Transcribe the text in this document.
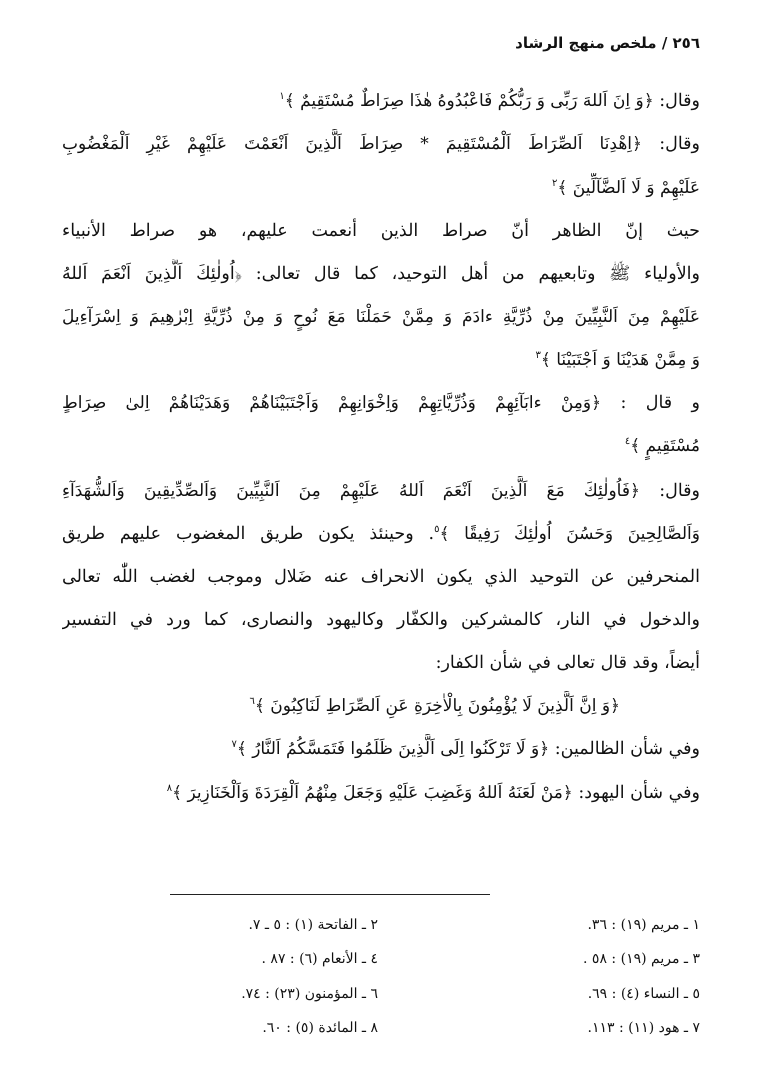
٢٥٦ / ملخص منهج الرشاد
وقال: ﴿وَ اِنَ اَللهَ رَبِّى وَ رَبُّكُمْ فَاعْبُدُوهُ هٰذَا صِرَاطٌ مُسْتَقِيمٌ ﴾$^١$
وقال: ﴿اِهْدِنَا اَلصِّرَاطَ اَلْمُسْتَقِيمَ * صِرَاطَ اَلَّذِينَ اَنْعَمْتَ عَلَيْهِمْ غَيْرِ اَلْمَغْضُوبِ
عَلَيْهِمْ وَ لَا اَلضَّآلِّينَ ﴾$^٢$
حيث إنّ الظاهر أنّ صراط الذين أنعمت عليهم، هو صراط الأنبياء
والأولياء ﷺ وتابعيهم من أهل التوحيد، كما قال تعالى: ﴿اُولٰئِكَ اَلَّذِينَ اَنْعَمَ اَللهُ
عَلَيْهِمْ مِنَ اَلنَّبِيِّينَ مِنْ ذُرِّيَّةِ ءادَمَ وَ مِمَّنْ حَمَلْنَا مَعَ نُوحٍ وَ مِنْ ذُرِّيَّةِ اِبْرٰهِيمَ وَ اِسْرَآءِيلَ
وَ مِمَّنْ هَدَيْنَا وَ اَجْتَبَيْنَا ﴾$^٣$
و قال : ﴿وَمِنْ ءابَآئِهِمْ وَذُرِّيَّاتِهِمْ وَاِخْوَانِهِمْ وَاَجْتَبَيْنَاهُمْ وَهَدَيْنَاهُمْ اِلىٰ صِرَاطٍ
مُسْتَقِيمٍ ﴾$^٤$
وقال: ﴿فَاُولٰئِكَ مَعَ اَلَّذِينَ اَنْعَمَ اَللهُ عَلَيْهِمْ مِنَ اَلنَّبِيِّينَ وَاَلصِّدِّيقِينَ وَاَلشُّهَدَآءِ
وَاَلصَّالِحِينَ وَحَسُنَ اُولٰئِكَ رَفِيقًا ﴾$^٥$. وحينئذ يكون طريق المغضوب عليهم طريق
المنحرفين عن التوحيد الذي يكون الانحراف عنه ضَلال وموجب لغضب اللّٰه تعالى
والدخول في النار، كالمشركين والكفّار وكاليهود والنصارى، كما ورد في التفسير
أيضاً، وقد قال تعالى في شأن الكفار:
﴿وَ اِنَّ اَلَّذِينَ لَا يُؤْمِنُونَ بِالْاٰخِرَةِ عَنِ اَلصِّرَاطِ لَنَاكِبُونَ ﴾$^٦$
وفي شأن الظالمين: ﴿وَ لَا تَرْكَنُوا اِلَى اَلَّذِينَ ظَلَمُوا فَتَمَسَّكُمُ اَلنَّارُ ﴾$^٧$
وفي شأن اليهود: ﴿مَنْ لَعَنَهُ اَللهُ وَغَضِبَ عَلَيْهِ وَجَعَلَ مِنْهُمُ اَلْقِرَدَةَ وَاَلْخَنَازِيرَ ﴾$^٨$
١ ـ مريم (١٩) : ٣٦.
٢ ـ الفاتحة (١) : ٥ ـ ٧.
٣ ـ مريم (١٩) : ٥٨ .
٤ ـ الأنعام (٦) : ٨٧ .
٥ ـ النساء (٤) : ٦٩.
٦ ـ المؤمنون (٢٣) : ٧٤.
٧ ـ هود (١١) : ١١٣.
٨ ـ المائدة (٥) : ٦٠.
